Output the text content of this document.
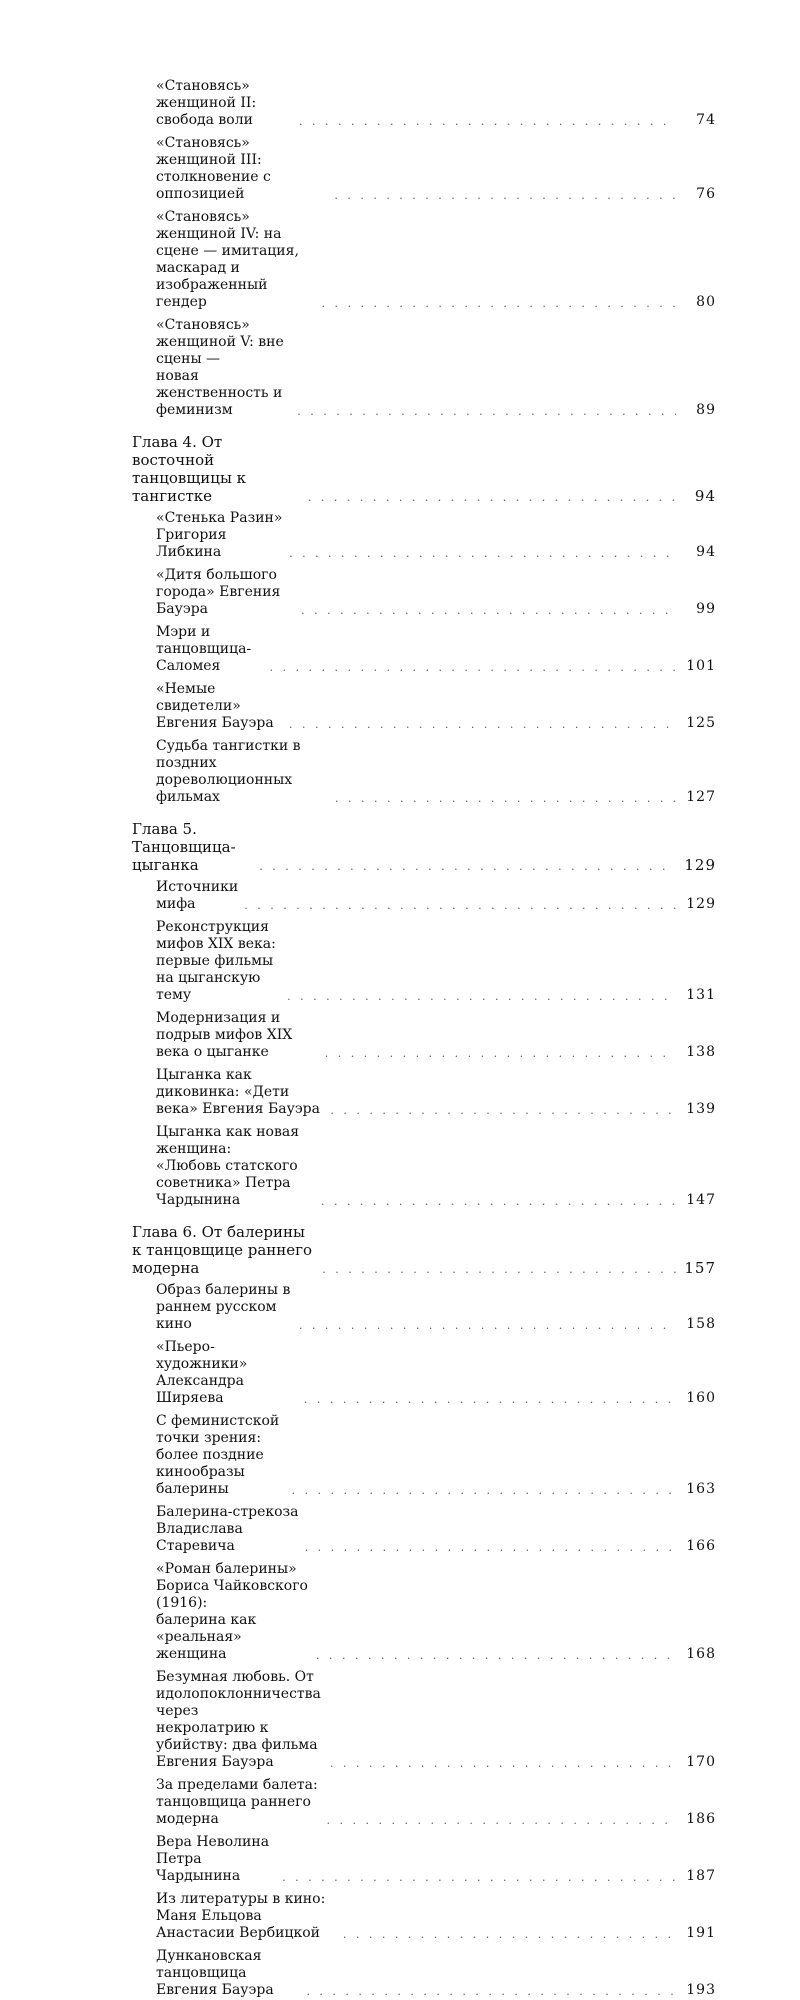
«Становясь» женщиной II: свобода воли . . .	74
«Становясь» женщиной III: столкновение с оппозицией . . .	76
«Становясь» женщиной IV: на сцене — имитация,
маскарад и изображенный гендер . . .	80
«Становясь» женщиной V: вне сцены —
новая женственность и феминизм . . .	89
Глава 4. От восточной танцовщицы к тангистке . . .	94
«Стенька Разин» Григория Либкина . . .	94
«Дитя большого города» Евгения Бауэра . . .	99
Мэри и танцовщица-Саломея . . .	101
«Немые свидетели» Евгения Бауэра . . .	125
Судьба тангистки в поздних дореволюционных фильмах . . .	127
Глава 5. Танцовщица-цыганка . . .	129
Источники мифа . . .	129
Реконструкция мифов XIX века:
первые фильмы на цыганскую тему . . .	131
Модернизация и подрыв мифов XIX века о цыганке . . .	138
Цыганка как диковинка: «Дети века» Евгения Бауэра . . .	139
Цыганка как новая женщина:
«Любовь статского советника» Петра Чардынина . . .	147
Глава 6. От балерины к танцовщице раннего модерна . . .	157
Образ балерины в раннем русском кино . . .	158
«Пьеро-художники» Александра Ширяева . . .	160
С феминистской точки зрения:
более поздние кинообразы балерины . . .	163
Балерина-стрекоза Владислава Старевича . . .	166
«Роман балерины» Бориса Чайковского (1916):
балерина как «реальная» женщина . . .	168
Безумная любовь. От идолопоклонничества через
некролатрию к убийству: два фильма Евгения Бауэра . . .	170
За пределами балета: танцовщица раннего модерна . . .	186
Вера Неволина Петра Чардынина . . .	187
Из литературы в кино: Маня Ельцова Анастасии Вербицкой . . .	191
Дункановская танцовщица Евгения Бауэра . . .	193
